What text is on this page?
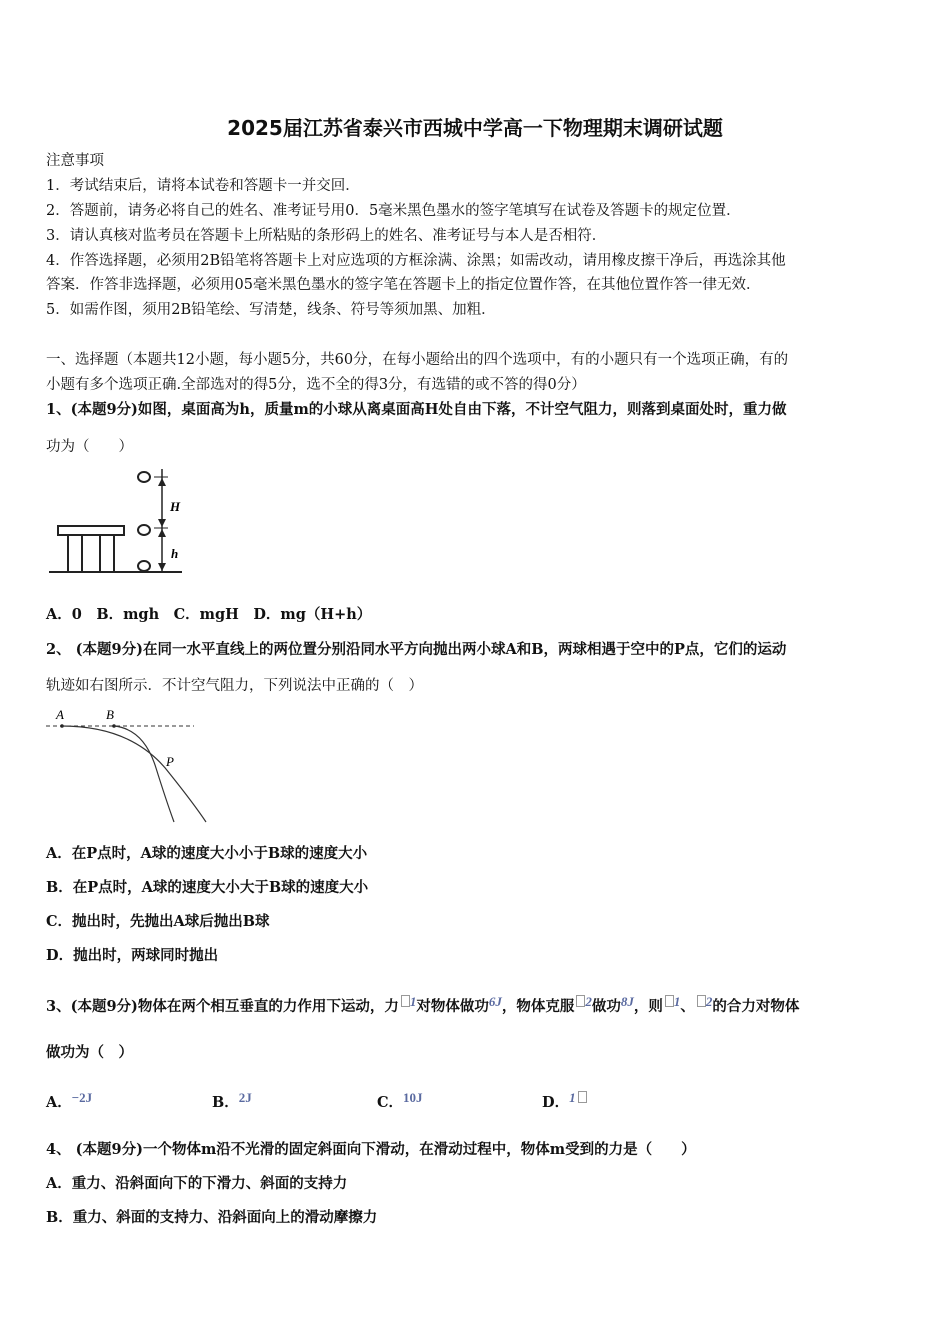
2025届江苏省泰兴市西城中学高一下物理期末调研试题
注意事项
1．考试结束后，请将本试卷和答题卡一并交回．
2．答题前，请务必将自己的姓名、准考证号用0．5毫米黑色墨水的签字笔填写在试卷及答题卡的规定位置．
3．请认真核对监考员在答题卡上所粘贴的条形码上的姓名、准考证号与本人是否相符．
4．作答选择题，必须用2B铅笔将答题卡上对应选项的方框涂满、涂黑；如需改动，请用橡皮擦干净后，再选涂其他
答案．作答非选择题，必须用05毫米黑色墨水的签字笔在答题卡上的指定位置作答，在其他位置作答一律无效．
5．如需作图，须用2B铅笔绘、写清楚，线条、符号等须加黑、加粗．
一、选择题（本题共12小题，每小题5分，共60分，在每小题给出的四个选项中，有的小题只有一个选项正确，有的
小题有多个选项正确.全部选对的得5分，选不全的得3分，有选错的或不答的得0分）
1、(本题9分)如图，桌面高为h，质量m的小球从离桌面高H处自由下落，不计空气阻力，则落到桌面处时，重力做
功为（　　）
H
h
A．0　B．mgh　C．mgH　D．mg（H+h）
2、 (本题9分)在同一水平直线上的两位置分别沿同水平方向抛出两小球A和B，两球相遇于空中的P点，它们的运动
轨迹如右图所示．不计空气阻力，下列说法中正确的（　）
A	B
P
A．在P点时，A球的速度大小小于B球的速度大小
B．在P点时，A球的速度大小大于B球的速度大小
C．抛出时，先抛出A球后抛出B球
D．抛出时，两球同时抛出
3、(本题9分)物体在两个相互垂直的力作用下运动，力 1对物体做功6J，物体克服 2做功8J，则 1、 2的合力对物体
做功为（　）
A．−2J	B．2J	C．10J	D．1
4、 (本题9分)一个物体m沿不光滑的固定斜面向下滑动，在滑动过程中，物体m受到的力是（　　）
A．重力、沿斜面向下的下滑力、斜面的支持力
B．重力、斜面的支持力、沿斜面向上的滑动摩擦力
